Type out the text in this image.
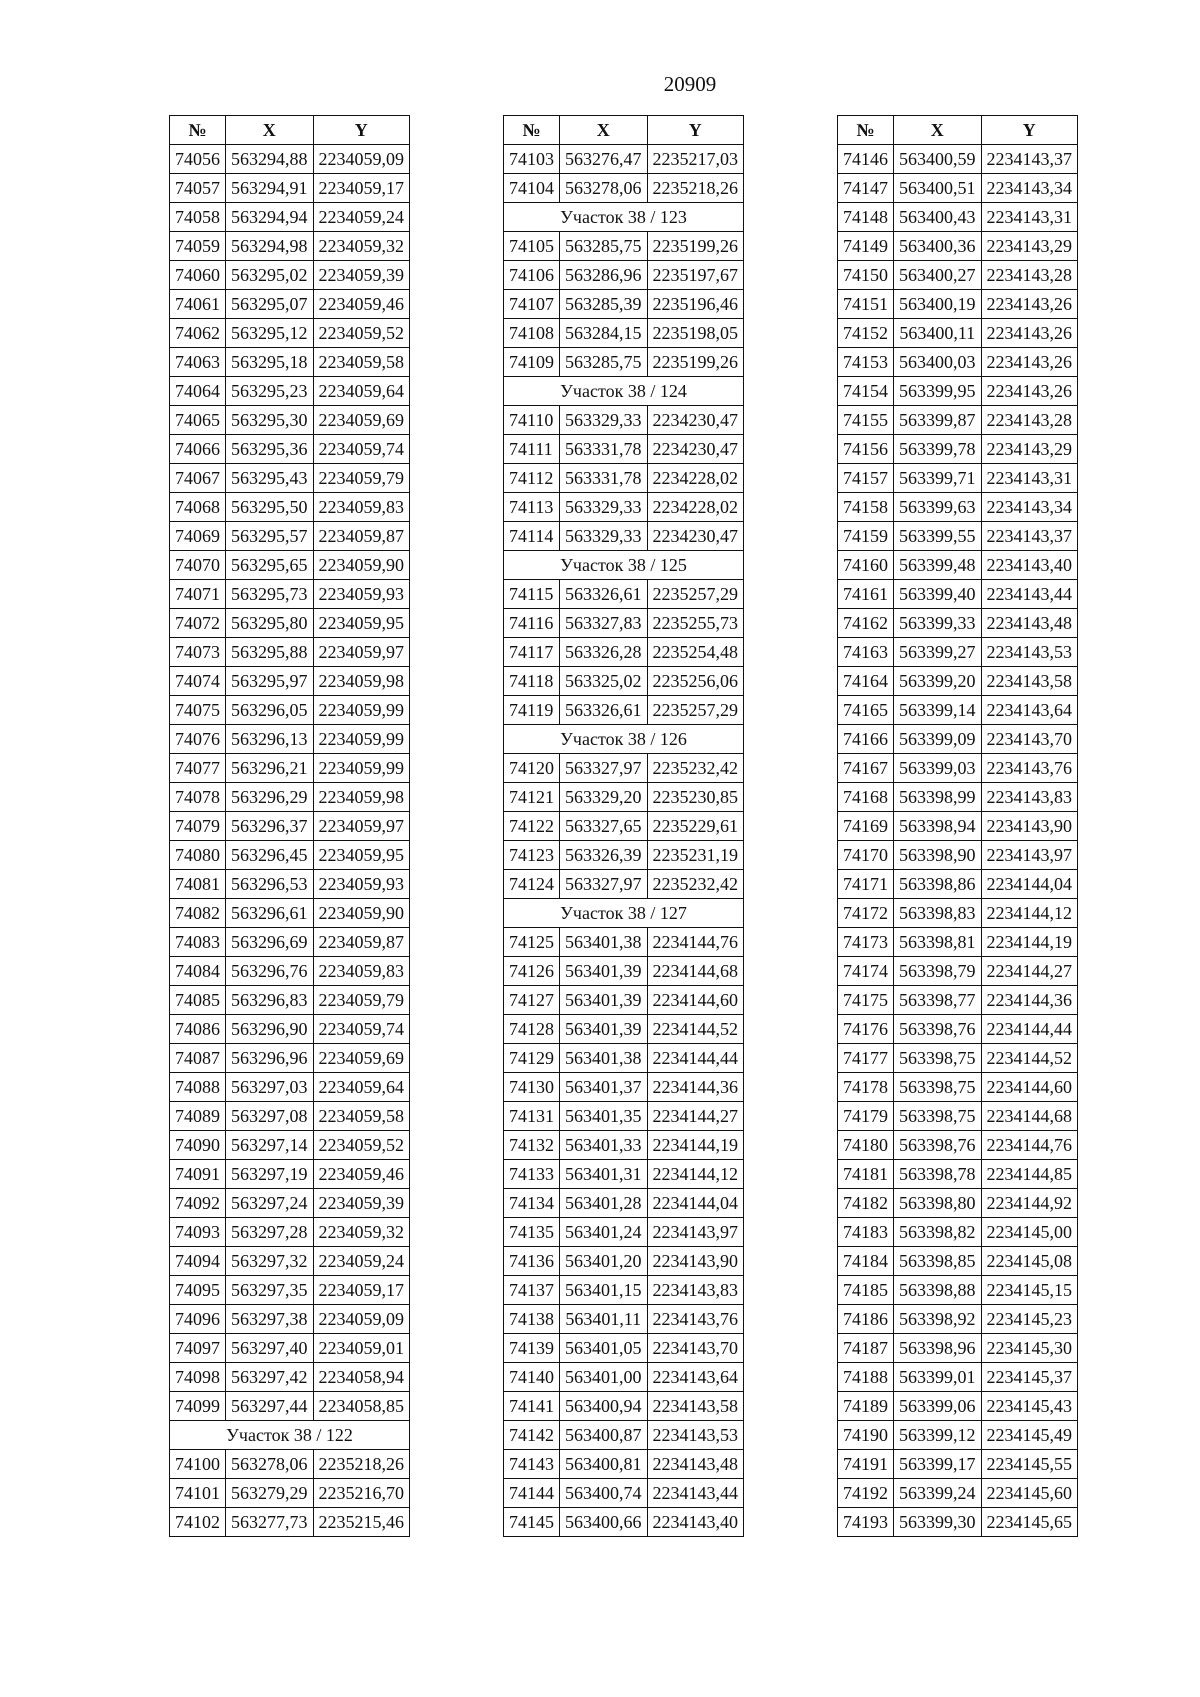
20909
№	X	Y
74056	563294,88	2234059,09
74057	563294,91	2234059,17
74058	563294,94	2234059,24
74059	563294,98	2234059,32
74060	563295,02	2234059,39
74061	563295,07	2234059,46
74062	563295,12	2234059,52
74063	563295,18	2234059,58
74064	563295,23	2234059,64
74065	563295,30	2234059,69
74066	563295,36	2234059,74
74067	563295,43	2234059,79
74068	563295,50	2234059,83
74069	563295,57	2234059,87
74070	563295,65	2234059,90
74071	563295,73	2234059,93
74072	563295,80	2234059,95
74073	563295,88	2234059,97
74074	563295,97	2234059,98
74075	563296,05	2234059,99
74076	563296,13	2234059,99
74077	563296,21	2234059,99
74078	563296,29	2234059,98
74079	563296,37	2234059,97
74080	563296,45	2234059,95
74081	563296,53	2234059,93
74082	563296,61	2234059,90
74083	563296,69	2234059,87
74084	563296,76	2234059,83
74085	563296,83	2234059,79
74086	563296,90	2234059,74
74087	563296,96	2234059,69
74088	563297,03	2234059,64
74089	563297,08	2234059,58
74090	563297,14	2234059,52
74091	563297,19	2234059,46
74092	563297,24	2234059,39
74093	563297,28	2234059,32
74094	563297,32	2234059,24
74095	563297,35	2234059,17
74096	563297,38	2234059,09
74097	563297,40	2234059,01
74098	563297,42	2234058,94
74099	563297,44	2234058,85
Участок 38 / 122		
74100	563278,06	2235218,26
74101	563279,29	2235216,70
74102	563277,73	2235215,46
№	X	Y
74103	563276,47	2235217,03
74104	563278,06	2235218,26
Участок 38 / 123		
74105	563285,75	2235199,26
74106	563286,96	2235197,67
74107	563285,39	2235196,46
74108	563284,15	2235198,05
74109	563285,75	2235199,26
Участок 38 / 124		
74110	563329,33	2234230,47
74111	563331,78	2234230,47
74112	563331,78	2234228,02
74113	563329,33	2234228,02
74114	563329,33	2234230,47
Участок 38 / 125		
74115	563326,61	2235257,29
74116	563327,83	2235255,73
74117	563326,28	2235254,48
74118	563325,02	2235256,06
74119	563326,61	2235257,29
Участок 38 / 126		
74120	563327,97	2235232,42
74121	563329,20	2235230,85
74122	563327,65	2235229,61
74123	563326,39	2235231,19
74124	563327,97	2235232,42
Участок 38 / 127		
74125	563401,38	2234144,76
74126	563401,39	2234144,68
74127	563401,39	2234144,60
74128	563401,39	2234144,52
74129	563401,38	2234144,44
74130	563401,37	2234144,36
74131	563401,35	2234144,27
74132	563401,33	2234144,19
74133	563401,31	2234144,12
74134	563401,28	2234144,04
74135	563401,24	2234143,97
74136	563401,20	2234143,90
74137	563401,15	2234143,83
74138	563401,11	2234143,76
74139	563401,05	2234143,70
74140	563401,00	2234143,64
74141	563400,94	2234143,58
74142	563400,87	2234143,53
74143	563400,81	2234143,48
74144	563400,74	2234143,44
74145	563400,66	2234143,40
№	X	Y
74146	563400,59	2234143,37
74147	563400,51	2234143,34
74148	563400,43	2234143,31
74149	563400,36	2234143,29
74150	563400,27	2234143,28
74151	563400,19	2234143,26
74152	563400,11	2234143,26
74153	563400,03	2234143,26
74154	563399,95	2234143,26
74155	563399,87	2234143,28
74156	563399,78	2234143,29
74157	563399,71	2234143,31
74158	563399,63	2234143,34
74159	563399,55	2234143,37
74160	563399,48	2234143,40
74161	563399,40	2234143,44
74162	563399,33	2234143,48
74163	563399,27	2234143,53
74164	563399,20	2234143,58
74165	563399,14	2234143,64
74166	563399,09	2234143,70
74167	563399,03	2234143,76
74168	563398,99	2234143,83
74169	563398,94	2234143,90
74170	563398,90	2234143,97
74171	563398,86	2234144,04
74172	563398,83	2234144,12
74173	563398,81	2234144,19
74174	563398,79	2234144,27
74175	563398,77	2234144,36
74176	563398,76	2234144,44
74177	563398,75	2234144,52
74178	563398,75	2234144,60
74179	563398,75	2234144,68
74180	563398,76	2234144,76
74181	563398,78	2234144,85
74182	563398,80	2234144,92
74183	563398,82	2234145,00
74184	563398,85	2234145,08
74185	563398,88	2234145,15
74186	563398,92	2234145,23
74187	563398,96	2234145,30
74188	563399,01	2234145,37
74189	563399,06	2234145,43
74190	563399,12	2234145,49
74191	563399,17	2234145,55
74192	563399,24	2234145,60
74193	563399,30	2234145,65
